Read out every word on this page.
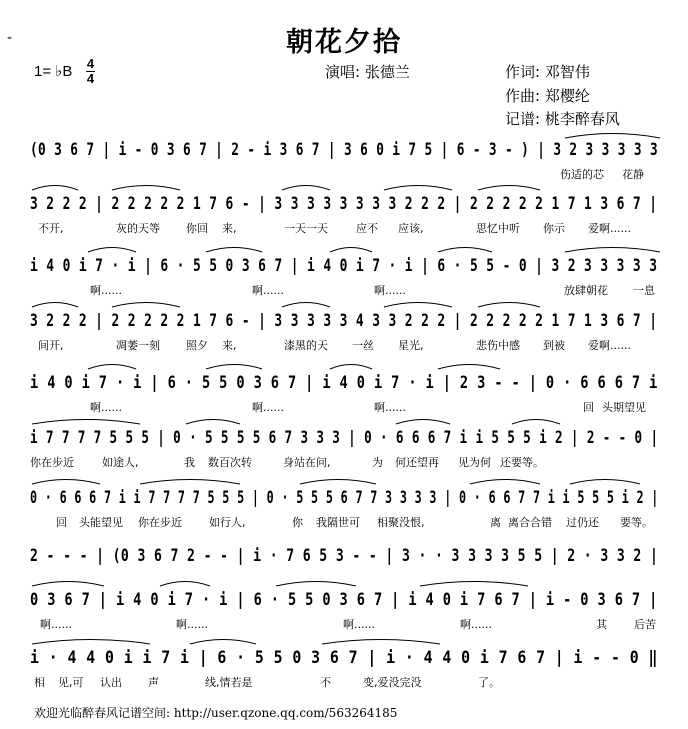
朝花夕拾
-
1= ♭B 4
4	演唱: 张德兰	作词: 邓智伟
作曲: 郑樱纶
记谱: 桃李醉春风
(0 3 6 7 | i - 0 3 6 7 | 2 - i 3 6 7 | 3 6 0 i 7 5 | 6 - 3 - ) | 3 2 3 3 3 3 3
伤适的芯 花静
3 2 2 2 | 2 2 2 2 2 1 7 6 - | 3 3 3 3 3 3 3 3 2 2 2 | 2 2 2 2 2 1 7 1 3 6 7 |
不开,	灰的天等 你回 来,	一天一天	应不 应该,	思忆中听 你示 爱啊......
i 4 0 i 7 · i | 6 · 5 5 0 3 6 7 | i 4 0 i 7 · i | 6 · 5 5 - 0 | 3 2 3 3 3 3 3
啊......	啊......	啊......	放肆朝花 一息
3 2 2 2 | 2 2 2 2 2 1 7 6 - | 3 3 3 3 3 4 3 3 2 2 2 | 2 2 2 2 2 1 7 1 3 6 7 |
间开,	凋萎一刻 照夕 来,	漆黑的天 一丝 星光,	悲伤中感 到被 爱啊......
i 4 0 i 7 · i | 6 · 5 5 0 3 6 7 | i 4 0 i 7 · i | 2 3 - - | 0 · 6 6 6 7 i
啊......	啊......	啊......	回 头期望见
i 7 7 7 7 5 5 5 | 0 · 5 5 5 5 6 7 3 3 3 | 0 · 6 6 6 7 i i 5 5 5 i 2 | 2 - - 0 |
你在步近	如途人,	我 数百次转	身站在 问,	为 何还望再 见为何 还要等。
0 · 6 6 6 7 i i 7 7 7 7 5 5 5 | 0 · 5 5 5 6 7 7 3 3 3 3 | 0 · 6 6 7 7 i i 5 5 5 i 2 |
回 头能望见 你在步近 如行人,	你 我隔世可 相聚没恨,	离 离合合错 过仍还 要等。
2 - - - | (0 3 6 7 2 - - | i · 7 6 5 3 - - | 3 · · 3 3 3 3 5 5 | 2 · 3 3 2 |
0 3 6 7 | i 4 0 i 7 · i | 6 · 5 5 0 3 6 7 | i 4 0 i 7 6 7 | i - 0 3 6 7 |
啊......	啊......	啊......	啊......	其 后苦
i · 4 4 0 i i 7 i | 6 · 5 5 0 3 6 7 | i · 4 4 0 i 7 6 7 | i - - 0 ‖
相 见,可 认出 声	线,情若是	不	变,爱没完没	了。
欢迎光临醉春风记谱空间: http://user.qzone.qq.com/563264185
